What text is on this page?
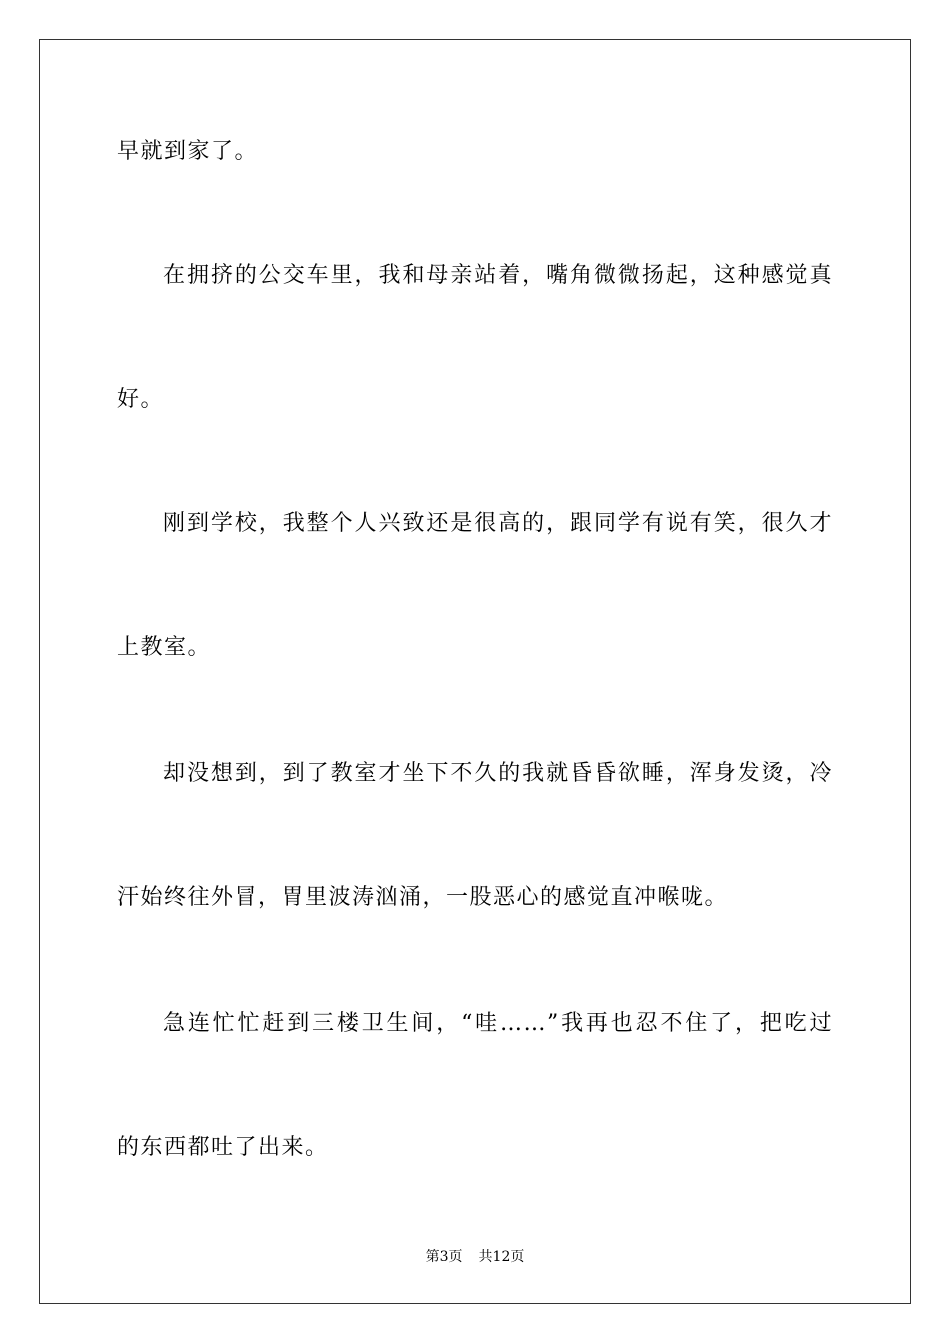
早就到家了。
在拥挤的公交车里，我和母亲站着，嘴角微微扬起，这种感觉真
好。
刚到学校，我整个人兴致还是很高的，跟同学有说有笑，很久才
上教室。
却没想到，到了教室才坐下不久的我就昏昏欲睡，浑身发烫，冷
汗始终往外冒，胃里波涛汹涌，一股恶心的感觉直冲喉咙。
急连忙忙赶到三楼卫生间，“哇……”我再也忍不住了，把吃过
的东西都吐了出来。
第3页 共12页
